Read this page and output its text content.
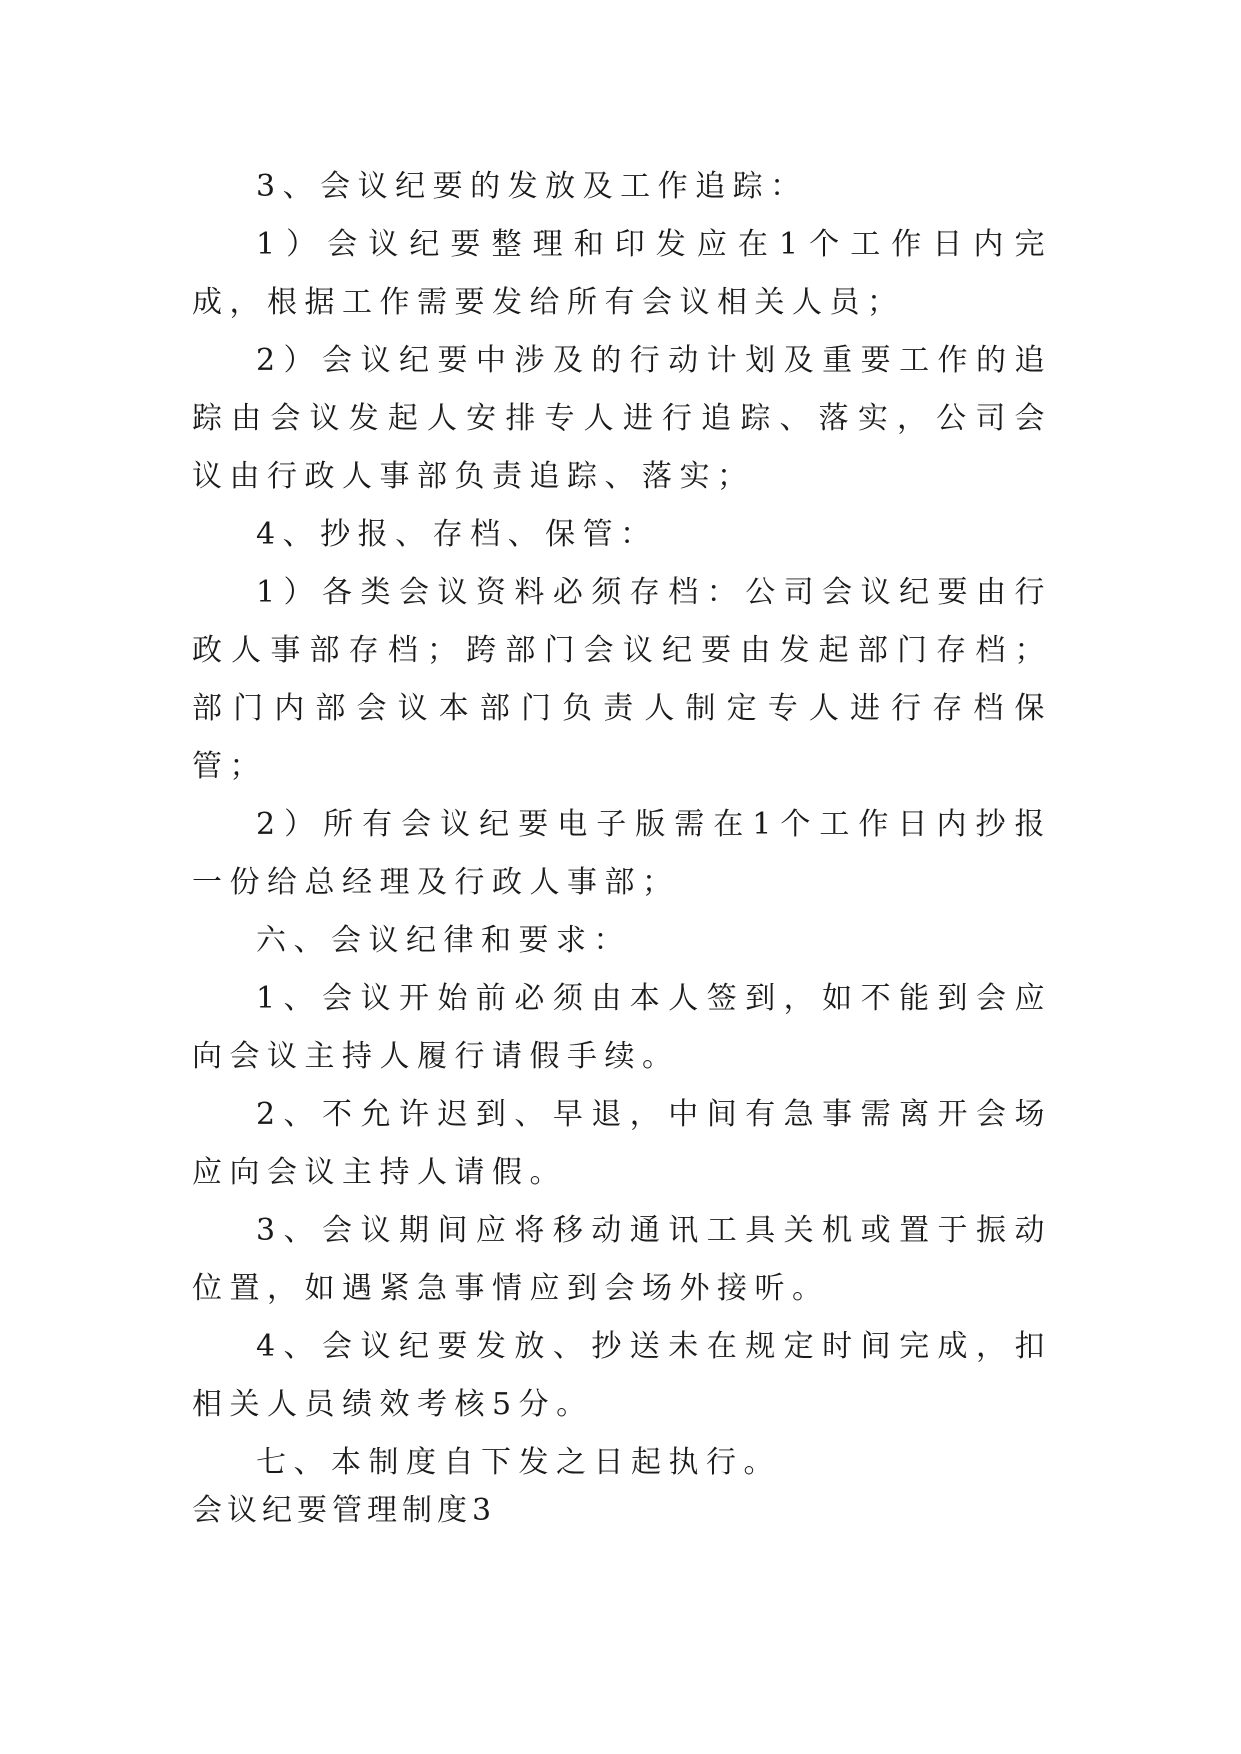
3、会议纪要的发放及工作追踪：

1）会议纪要整理和印发应在1个工作日内完成，根据工作需要发给所有会议相关人员；

2）会议纪要中涉及的行动计划及重要工作的追踪由会议发起人安排专人进行追踪、落实，公司会议由行政人事部负责追踪、落实；

4、抄报、存档、保管：

1）各类会议资料必须存档：公司会议纪要由行政人事部存档；跨部门会议纪要由发起部门存档；部门内部会议本部门负责人制定专人进行存档保管；

2）所有会议纪要电子版需在1个工作日内抄报一份给总经理及行政人事部；

六、会议纪律和要求：

1、会议开始前必须由本人签到，如不能到会应向会议主持人履行请假手续。

2、不允许迟到、早退，中间有急事需离开会场应向会议主持人请假。

3、会议期间应将移动通讯工具关机或置于振动位置，如遇紧急事情应到会场外接听。

4、会议纪要发放、抄送未在规定时间完成，扣相关人员绩效考核5分。

七、本制度自下发之日起执行。

会议纪要管理制度3
